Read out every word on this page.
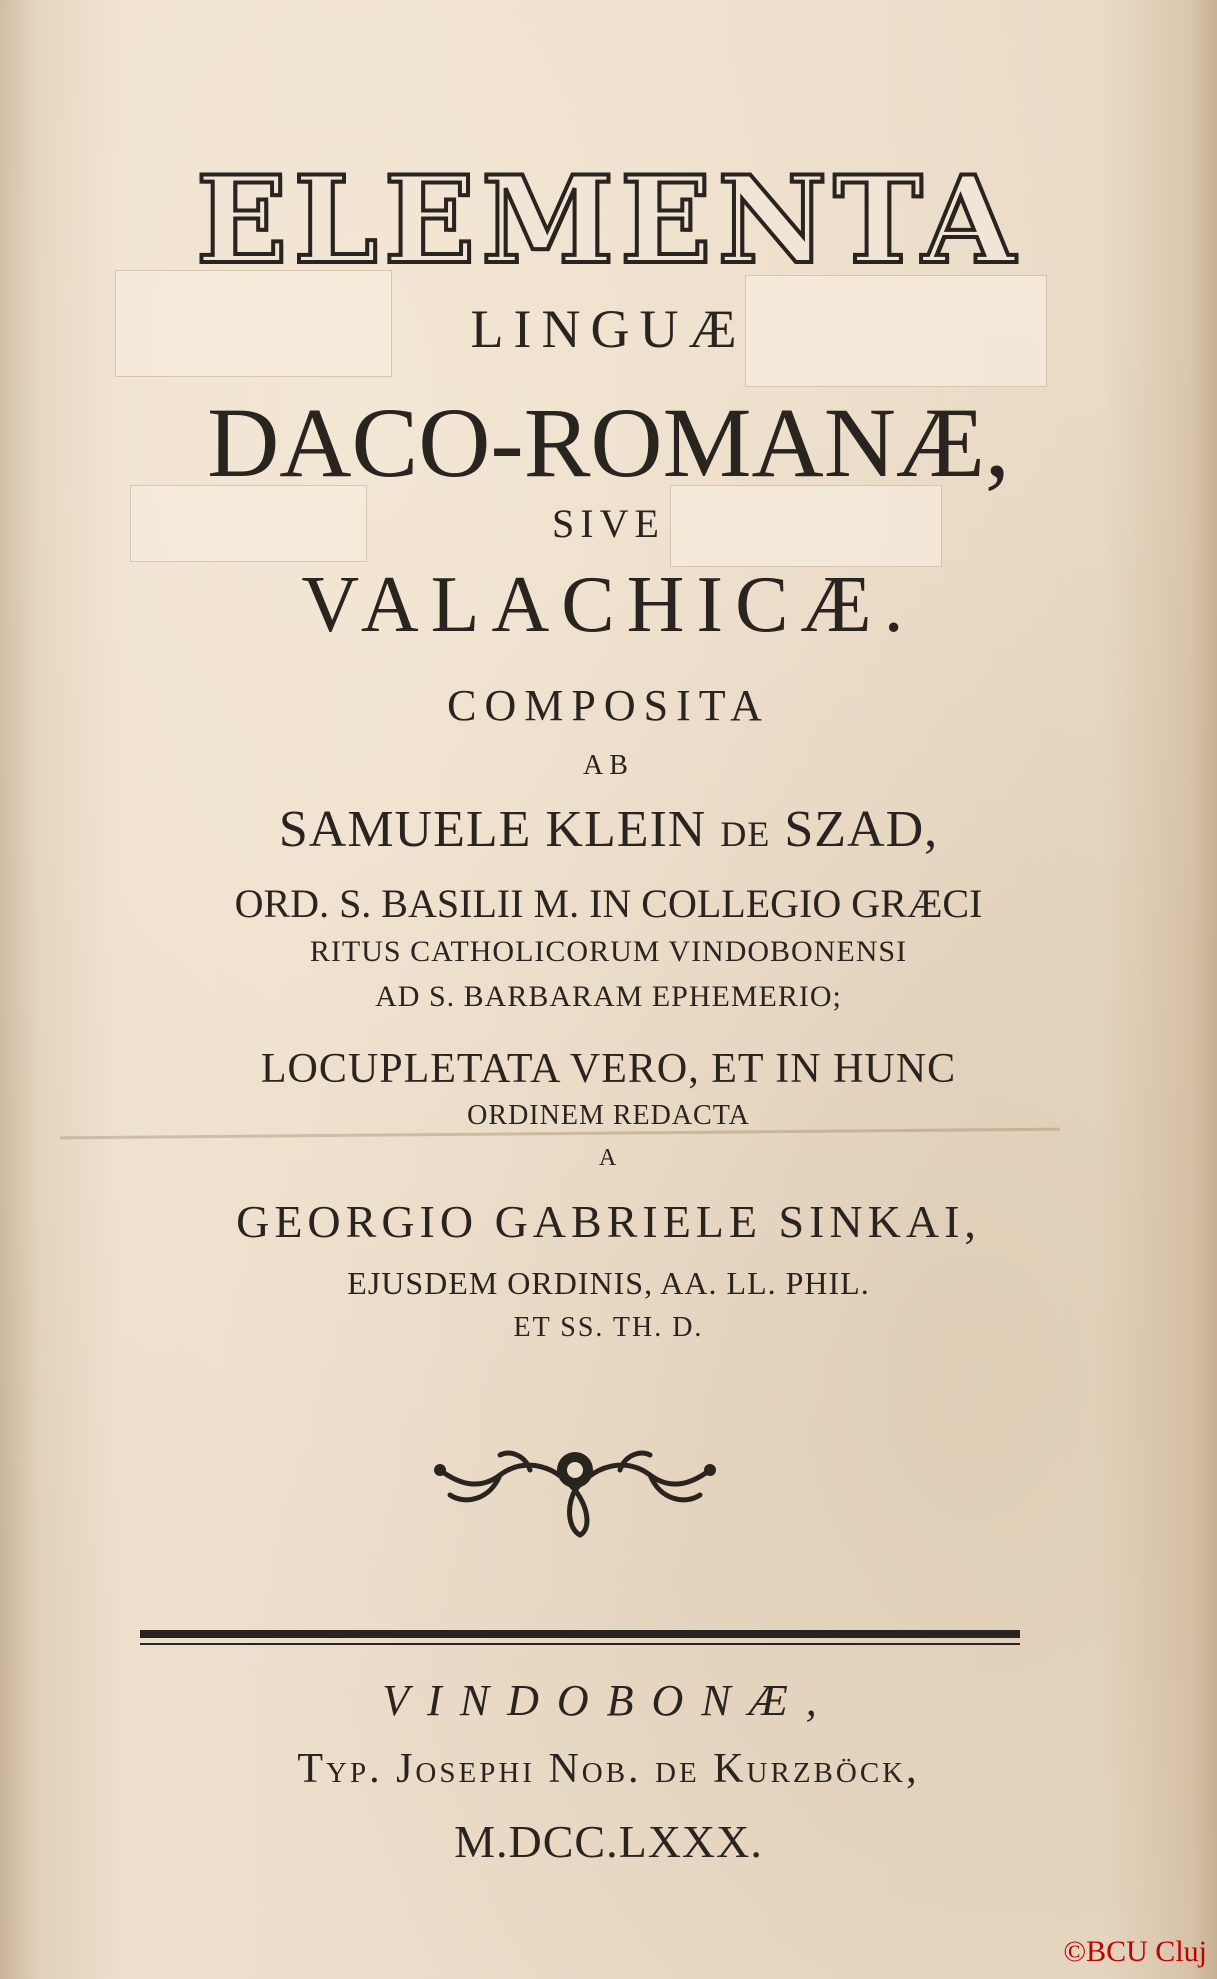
ELEMENTA
LINGUÆ
DACO-ROMANÆ,
SIVE
VALACHICÆ.
COMPOSITA
AB
SAMUELE KLEIN DE SZAD,
ORD. S. BASILII M. IN COLLEGIO GRÆCI
RITUS CATHOLICORUM VINDOBONENSI
AD S. BARBARAM EPHEMERIO;
LOCUPLETATA VERO, ET IN HUNC
ORDINEM REDACTA
A
GEORGIO GABRIELE SINKAI,
EJUSDEM ORDINIS, AA. LL. PHIL.
ET SS. TH. D.
VINDOBONÆ,
Typ. Josephi Nob. de Kurzböck,
M.DCC.LXXX.
©BCU Cluj
